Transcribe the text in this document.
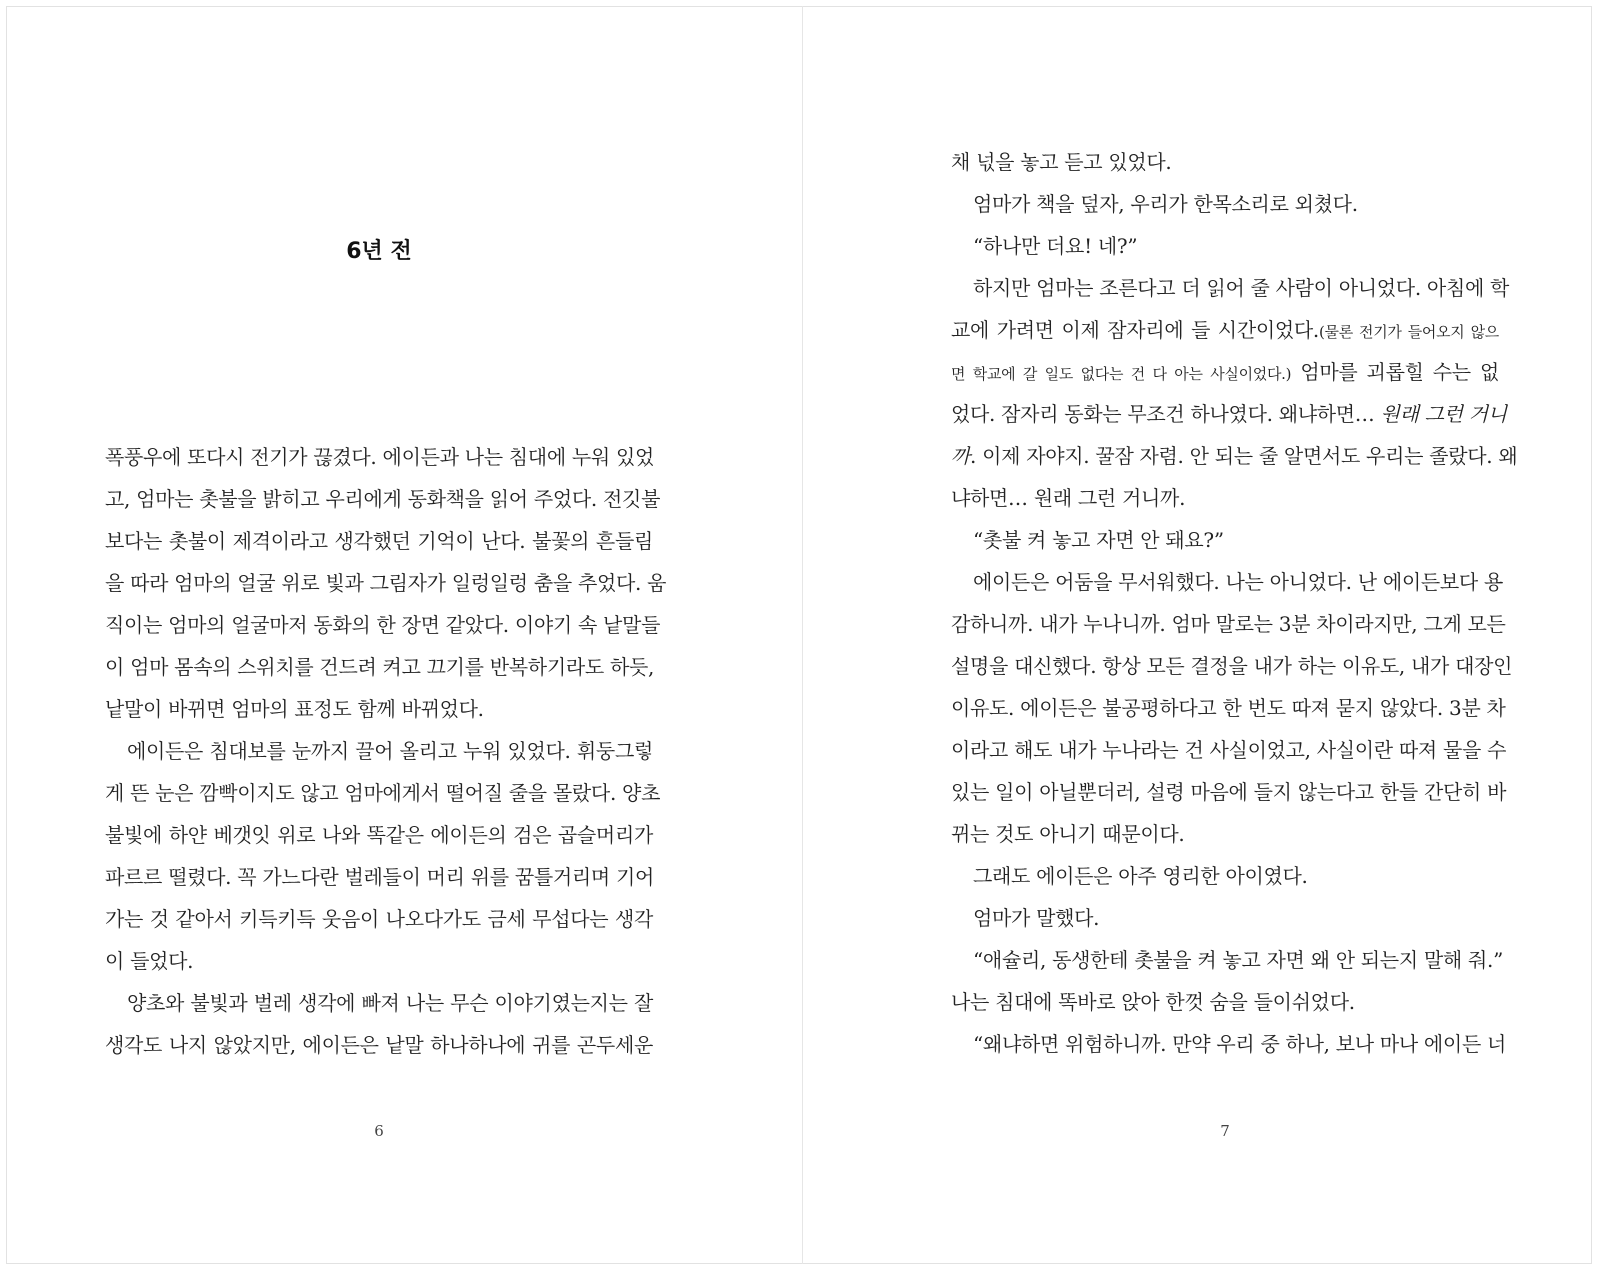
6년 전
폭풍우에 또다시 전기가 끊겼다. 에이든과 나는 침대에 누워 있었
고, 엄마는 촛불을 밝히고 우리에게 동화책을 읽어 주었다. 전깃불
보다는 촛불이 제격이라고 생각했던 기억이 난다. 불꽃의 흔들림
을 따라 엄마의 얼굴 위로 빛과 그림자가 일렁일렁 춤을 추었다. 움
직이는 엄마의 얼굴마저 동화의 한 장면 같았다. 이야기 속 낱말들
이 엄마 몸속의 스위치를 건드려 켜고 끄기를 반복하기라도 하듯,
낱말이 바뀌면 엄마의 표정도 함께 바뀌었다.
에이든은 침대보를 눈까지 끌어 올리고 누워 있었다. 휘둥그렇
게 뜬 눈은 깜빡이지도 않고 엄마에게서 떨어질 줄을 몰랐다. 양초
불빛에 하얀 베갯잇 위로 나와 똑같은 에이든의 검은 곱슬머리가
파르르 떨렸다. 꼭 가느다란 벌레들이 머리 위를 꿈틀거리며 기어
가는 것 같아서 키득키득 웃음이 나오다가도 금세 무섭다는 생각
이 들었다.
양초와 불빛과 벌레 생각에 빠져 나는 무슨 이야기였는지는 잘
생각도 나지 않았지만, 에이든은 낱말 하나하나에 귀를 곤두세운
6
채 넋을 놓고 듣고 있었다.
엄마가 책을 덮자, 우리가 한목소리로 외쳤다.
“하나만 더요! 네?”
하지만 엄마는 조른다고 더 읽어 줄 사람이 아니었다. 아침에 학
교에 가려면 이제 잠자리에 들 시간이었다.(물론 전기가 들어오지 않으
면 학교에 갈 일도 없다는 건 다 아는 사실이었다.) 엄마를 괴롭힐 수는 없
었다. 잠자리 동화는 무조건 하나였다. 왜냐하면… 원래 그런 거니
까. 이제 자야지. 꿀잠 자렴. 안 되는 줄 알면서도 우리는 졸랐다. 왜
냐하면… 원래 그런 거니까.
“촛불 켜 놓고 자면 안 돼요?”
에이든은 어둠을 무서워했다. 나는 아니었다. 난 에이든보다 용
감하니까. 내가 누나니까. 엄마 말로는 3분 차이라지만, 그게 모든
설명을 대신했다. 항상 모든 결정을 내가 하는 이유도, 내가 대장인
이유도. 에이든은 불공평하다고 한 번도 따져 묻지 않았다. 3분 차
이라고 해도 내가 누나라는 건 사실이었고, 사실이란 따져 물을 수
있는 일이 아닐뿐더러, 설령 마음에 들지 않는다고 한들 간단히 바
뀌는 것도 아니기 때문이다.
그래도 에이든은 아주 영리한 아이였다.
엄마가 말했다.
“애슐리, 동생한테 촛불을 켜 놓고 자면 왜 안 되는지 말해 줘.”
나는 침대에 똑바로 앉아 한껏 숨을 들이쉬었다.
“왜냐하면 위험하니까. 만약 우리 중 하나, 보나 마나 에이든 너
7
